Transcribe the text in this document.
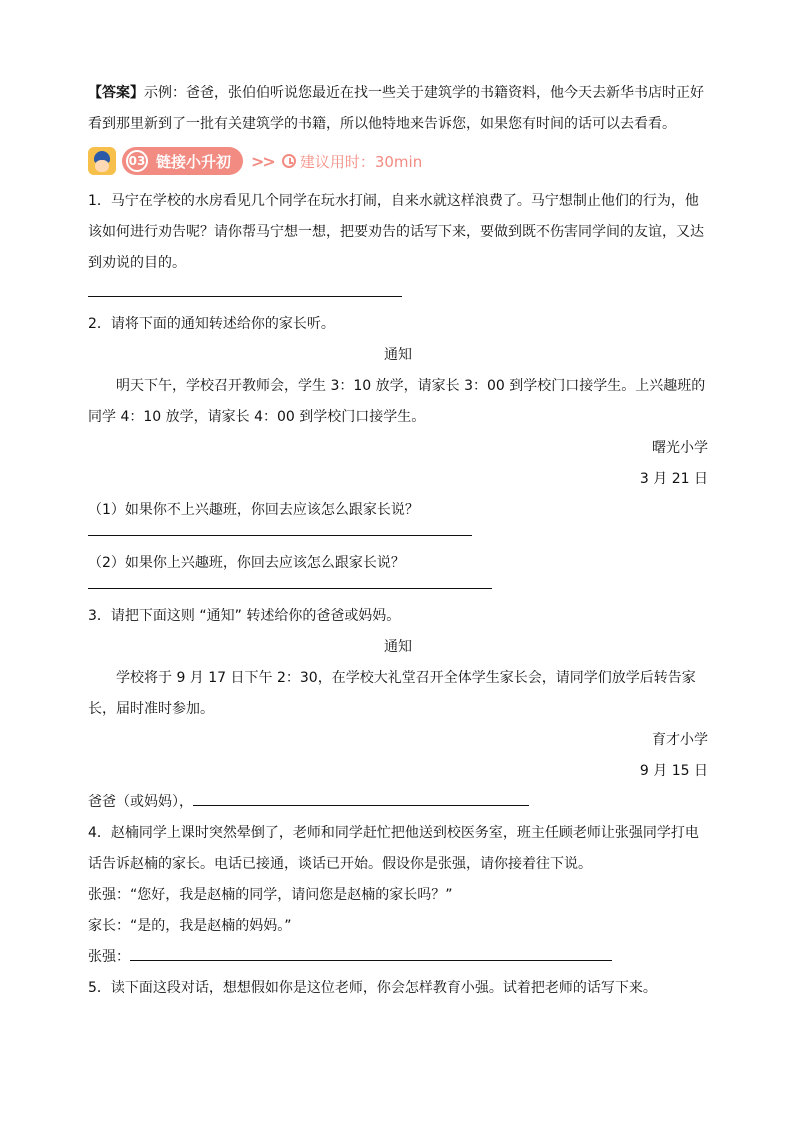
【答案】示例：爸爸，张伯伯听说您最近在找一些关于建筑学的书籍资料，他今天去新华书店时正好看到那里新到了一批有关建筑学的书籍，所以他特地来告诉您，如果您有时间的话可以去看看。
03 链接小升初 >> 建议用时：30min
1．马宁在学校的水房看见几个同学在玩水打闹，自来水就这样浪费了。马宁想制止他们的行为，他该如何进行劝告呢？请你帮马宁想一想，把要劝告的话写下来，要做到既不伤害同学间的友谊，又达到劝说的目的。
2．请将下面的通知转述给你的家长听。
通知
明天下午，学校召开教师会，学生 3：10 放学，请家长 3：00 到学校门口接学生。上兴趣班的同学 4：10 放学，请家长 4：00 到学校门口接学生。
曙光小学
3 月 21 日
（1）如果你不上兴趣班，你回去应该怎么跟家长说？
（2）如果你上兴趣班，你回去应该怎么跟家长说？
3．请把下面这则 “通知” 转述给你的爸爸或妈妈。
通知
学校将于 9 月 17 日下午 2：30，在学校大礼堂召开全体学生家长会，请同学们放学后转告家长，届时准时参加。
育才小学
9 月 15 日
爸爸（或妈妈），
4．赵楠同学上课时突然晕倒了，老师和同学赶忙把他送到校医务室，班主任顾老师让张强同学打电话告诉赵楠的家长。电话已接通，谈话已开始。假设你是张强，请你接着往下说。
张强：“您好，我是赵楠的同学，请问您是赵楠的家长吗？”
家长：“是的，我是赵楠的妈妈。”
张强：
5．读下面这段对话，想想假如你是这位老师，你会怎样教育小强。试着把老师的话写下来。
